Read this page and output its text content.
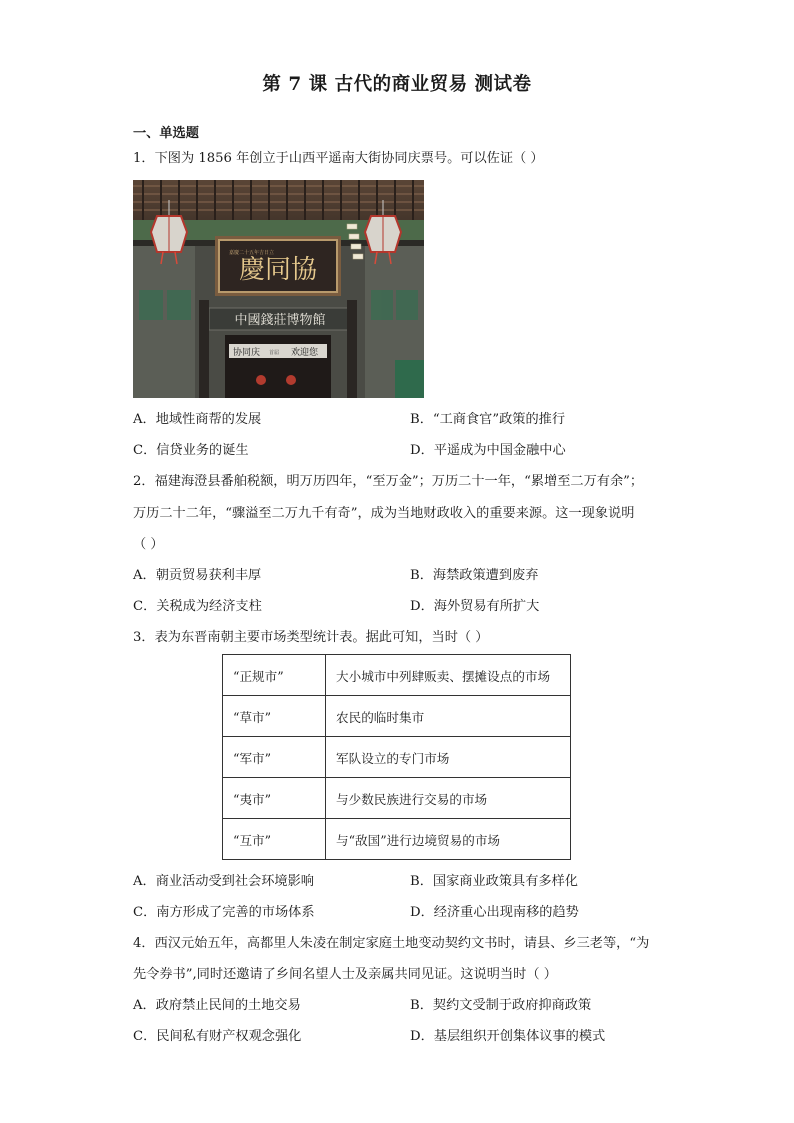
第 7 课 古代的商业贸易 测试卷
一、单选题
1．下图为 1856 年创立于山西平遥南大街协同庆票号。可以佐证（ ）
慶同協
嘉慶二十五年吉日立
中國錢莊博物館
协同庆 首届 欢迎您
A．地域性商帮的发展	B．“工商食官”政策的推行
C．信贷业务的诞生	D．平遥成为中国金融中心
2．福建海澄县番舶税额，明万历四年，“至万金”；万历二十一年，“累增至二万有余”；
万历二十二年，“骤溢至二万九千有奇”，成为当地财政收入的重要来源。这一现象说明
（ ）
A．朝贡贸易获利丰厚	B．海禁政策遭到废弃
C．关税成为经济支柱	D．海外贸易有所扩大
3．表为东晋南朝主要市场类型统计表。据此可知，当时（ ）
“正规市”	大小城市中列肆贩卖、摆摊设点的市场
“草市”	农民的临时集市
“军市”	军队设立的专门市场
“夷市”	与少数民族进行交易的市场
“互市”	与“敌国”进行边境贸易的市场
A．商业活动受到社会环境影响	B．国家商业政策具有多样化
C．南方形成了完善的市场体系	D．经济重心出现南移的趋势
4．西汉元始五年，高都里人朱凌在制定家庭土地变动契约文书时，请县、乡三老等，“为
先令券书”,同时还邀请了乡间名望人士及亲属共同见证。这说明当时（ ）
A．政府禁止民间的土地交易	B．契约文受制于政府抑商政策
C．民间私有财产权观念强化	D．基层组织开创集体议事的模式
